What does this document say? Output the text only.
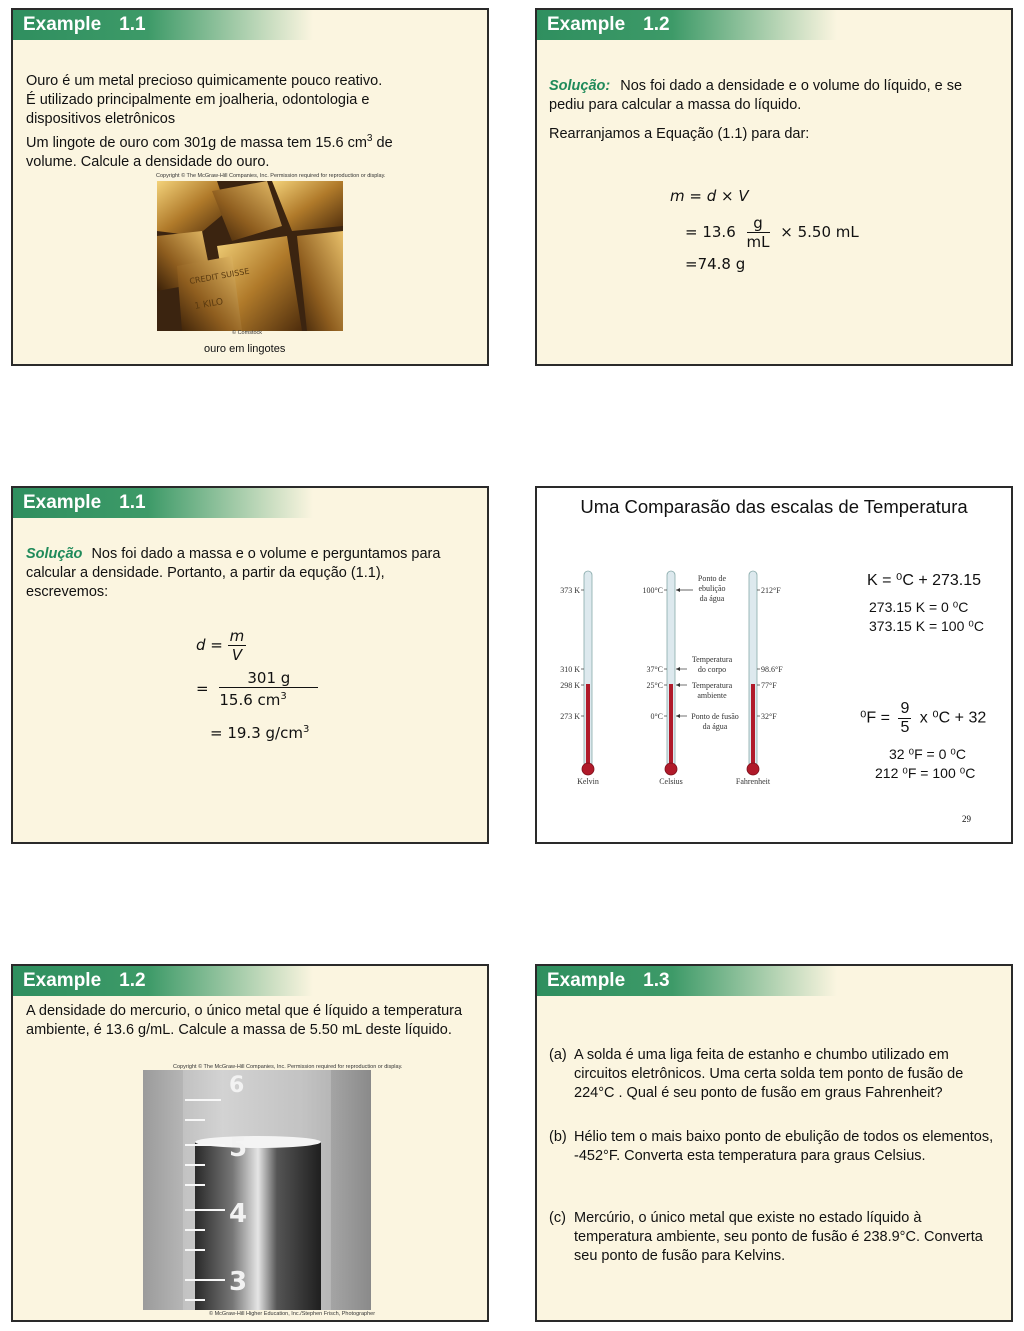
Example 1.1
Ouro é um metal precioso quimicamente pouco reativo.
É utilizado principalmente em joalheria, odontologia e dispositivos eletrônicos
Um lingote de ouro com 301g de massa tem 15.6 $cm^3$ de volume. Calcule a densidade do ouro.
Copyright © The McGraw-Hill Companies, Inc. Permission required for reproduction or display.
CREDIT SUISSE
1 KILO
© Comstock
ouro em lingotes
Example 1.2
Solução: Nos foi dado a densidade e o volume do líquido, e se pediu para calcular a massa do líquido.
Rearranjamos a Equação (1.1) para dar:
m = d × V
= $13.6 \frac{g}{mL} \times 5.50$ mL
=74.8 g
Example 1.1
Solução Nos foi dado a massa e o volume e perguntamos para calcular a densidade. Portanto, a partir da equção (1.1), escrevemos:
$d = \frac{m}{V}$
= $\frac{301 g}{15.6 cm^3}$
= 19.3 $g/cm^3$
Uma Comparasão das escalas de Temperatura
373 K
310 K
298 K
273 K
Kelvin
100°C
37°C
25°C
0°C
Celsius
212°F
98.6°F
77°F
32°F
Fahrenheit
Ponto de
ebulição
da água
Temperatura
do corpo
Temperatura
ambiente
Ponto de fusão
da água
K = ⁰C + 273.15
273.15 K = 0 ⁰C
373.15 K = 100 ⁰C
$^0F = \frac{9}{5}$ x ⁰C + 32
32 ⁰F = 0 ⁰C
212 ⁰F = 100 ⁰C
29
Example 1.2
A densidade do mercurio, o único metal que é líquido a temperatura ambiente, é 13.6 g/mL. Calcule a massa de 5.50 mL deste líquido.
Copyright © The McGraw-Hill Companies, Inc. Permission required for reproduction or display.
6
5
4
3
© McGraw-Hill Higher Education, Inc./Stephen Frisch, Photographer
Example 1.3
(a) A solda é uma liga feita de estanho e chumbo utilizado em circuitos eletrônicos. Uma certa solda tem ponto de fusão de 224°C . Qual é seu ponto de fusão em graus Fahrenheit?
(b) Hélio tem o mais baixo ponto de ebulição de todos os elementos, -452°F. Converta esta temperatura para graus Celsius.
(c) Mercúrio, o único metal que existe no estado líquido à temperatura ambiente, seu ponto de fusão é 238.9°C. Converta seu ponto de fusão para Kelvins.
